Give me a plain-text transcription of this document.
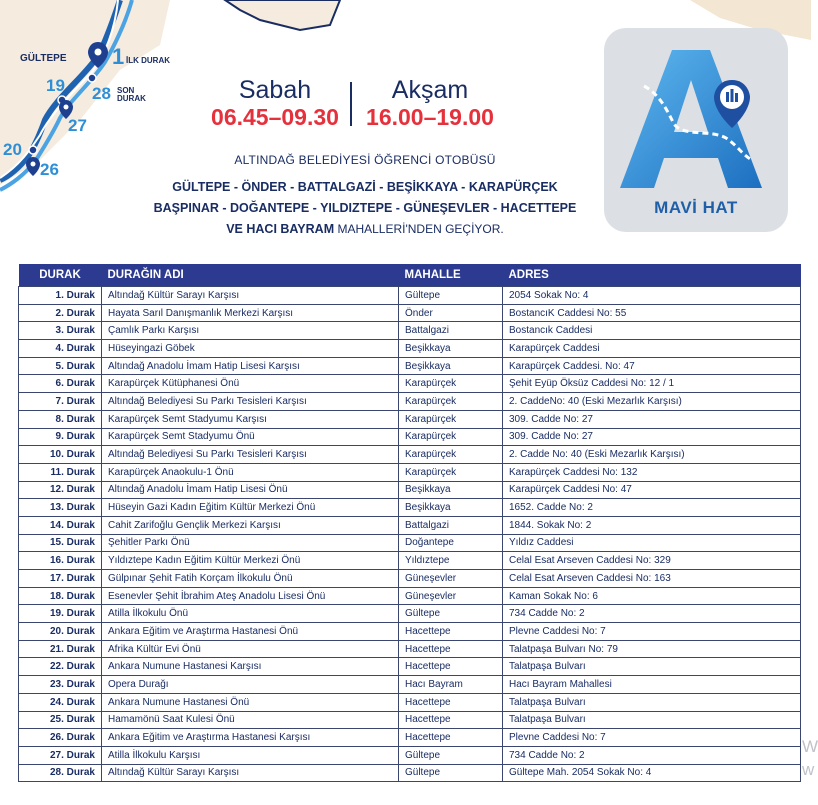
GÜLTEPE 1 İLK DURAK
28 SON DURAK
19
27
20
26
Sabah
06.45–09.30
Akşam
16.00–19.00
ALTINDAĞ BELEDİYESİ ÖĞRENCİ OTOBÜSÜ
GÜLTEPE - ÖNDER - BATTALGAZİ - BEŞİKKAYA - KARAPÜRÇEK
BAŞPINAR - DOĞANTEPE - YILDIZTEPE - GÜNEŞEVLER - HACETTEPE
VE HACI BAYRAM MAHALLERİ'NDEN GEÇİYOR.
MAVİ HAT
DURAK	DURAĞIN ADI	MAHALLE	ADRES
1. Durak	Altındağ Kültür Sarayı Karşısı	Gültepe	2054 Sokak No: 4
2. Durak	Hayata Sarıl Danışmanlık Merkezi Karşısı	Önder	BostancıK Caddesi No: 55
3. Durak	Çamlık Parkı Karşısı	Battalgazi	Bostancık Caddesi
4. Durak	Hüseyingazi Göbek	Beşikkaya	Karapürçek Caddesi
5. Durak	Altındağ Anadolu İmam Hatip Lisesi Karşısı	Beşikkaya	Karapürçek Caddesi. No: 47
6. Durak	Karapürçek Kütüphanesi Önü	Karapürçek	Şehit Eyüp Öksüz Caddesi No: 12 / 1
7. Durak	Altındağ Belediyesi Su Parkı Tesisleri Karşısı	Karapürçek	2. CaddeNo: 40 (Eski Mezarlık Karşısı)
8. Durak	Karapürçek Semt Stadyumu Karşısı	Karapürçek	309. Cadde No: 27
9. Durak	Karapürçek Semt Stadyumu Önü	Karapürçek	309. Cadde No: 27
10. Durak	Altındağ Belediyesi Su Parkı Tesisleri Karşısı	Karapürçek	2. Cadde No: 40 (Eski Mezarlık Karşısı)
11. Durak	Karapürçek Anaokulu-1 Önü	Karapürçek	Karapürçek Caddesi No: 132
12. Durak	Altındağ Anadolu İmam Hatip Lisesi Önü	Beşikkaya	Karapürçek Caddesi No: 47
13. Durak	Hüseyin Gazi Kadın Eğitim Kültür Merkezi Önü	Beşikkaya	1652. Cadde No: 2
14. Durak	Cahit Zarifoğlu Gençlik Merkezi Karşısı	Battalgazi	1844. Sokak No: 2
15. Durak	Şehitler Parkı Önü	Doğantepe	Yıldız Caddesi
16. Durak	Yıldıztepe Kadın Eğitim Kültür Merkezi Önü	Yıldıztepe	Celal Esat Arseven Caddesi No: 329
17. Durak	Gülpınar Şehit Fatih Korçam İlkokulu Önü	Güneşevler	Celal Esat Arseven Caddesi No: 163
18. Durak	Esenevler Şehit İbrahim Ateş Anadolu Lisesi Önü	Güneşevler	Kaman Sokak No: 6
19. Durak	Atilla İlkokulu Önü	Gültepe	734 Cadde No: 2
20. Durak	Ankara Eğitim ve Araştırma Hastanesi Önü	Hacettepe	Plevne Caddesi No: 7
21. Durak	Afrika Kültür Evi Önü	Hacettepe	Talatpaşa Bulvarı No: 79
22. Durak	Ankara Numune Hastanesi Karşısı	Hacettepe	Talatpaşa Bulvarı
23. Durak	Opera Durağı	Hacı Bayram	Hacı Bayram Mahallesi
24. Durak	Ankara Numune Hastanesi Önü	Hacettepe	Talatpaşa Bulvarı
25. Durak	Hamamönü Saat Kulesi Önü	Hacettepe	Talatpaşa Bulvarı
26. Durak	Ankara Eğitim ve Araştırma Hastanesi Karşısı	Hacettepe	Plevne Caddesi No: 7
27. Durak	Atilla İlkokulu Karşısı	Gültepe	734 Cadde No: 2
28. Durak	Altındağ Kültür Sarayı Karşısı	Gültepe	Gültepe Mah. 2054 Sokak No: 4
W
w
